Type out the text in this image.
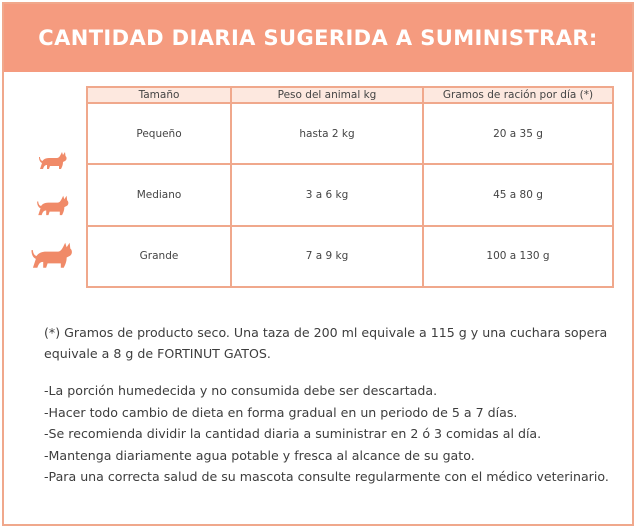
CANTIDAD DIARIA SUGERIDA A SUMINISTRAR:
Tamaño	Peso del animal kg	Gramos de ración por día (*)
Pequeño	hasta 2 kg	20 a 35 g
Mediano	3 a 6 kg	45 a 80 g
Grande	7 a 9 kg	100 a 130 g

(*) Gramos de producto seco. Una taza de 200 ml equivale a 115 g y una cuchara sopera equivale a 8 g de FORTINUT GATOS.

-La porción humedecida y no consumida debe ser descartada.
-Hacer todo cambio de dieta en forma gradual en un periodo de 5 a 7 días.
-Se recomienda dividir la cantidad diaria a suministrar en 2 ó 3 comidas al día.
-Mantenga diariamente agua potable y fresca al alcance de su gato.
-Para una correcta salud de su mascota consulte regularmente con el médico veterinario.
